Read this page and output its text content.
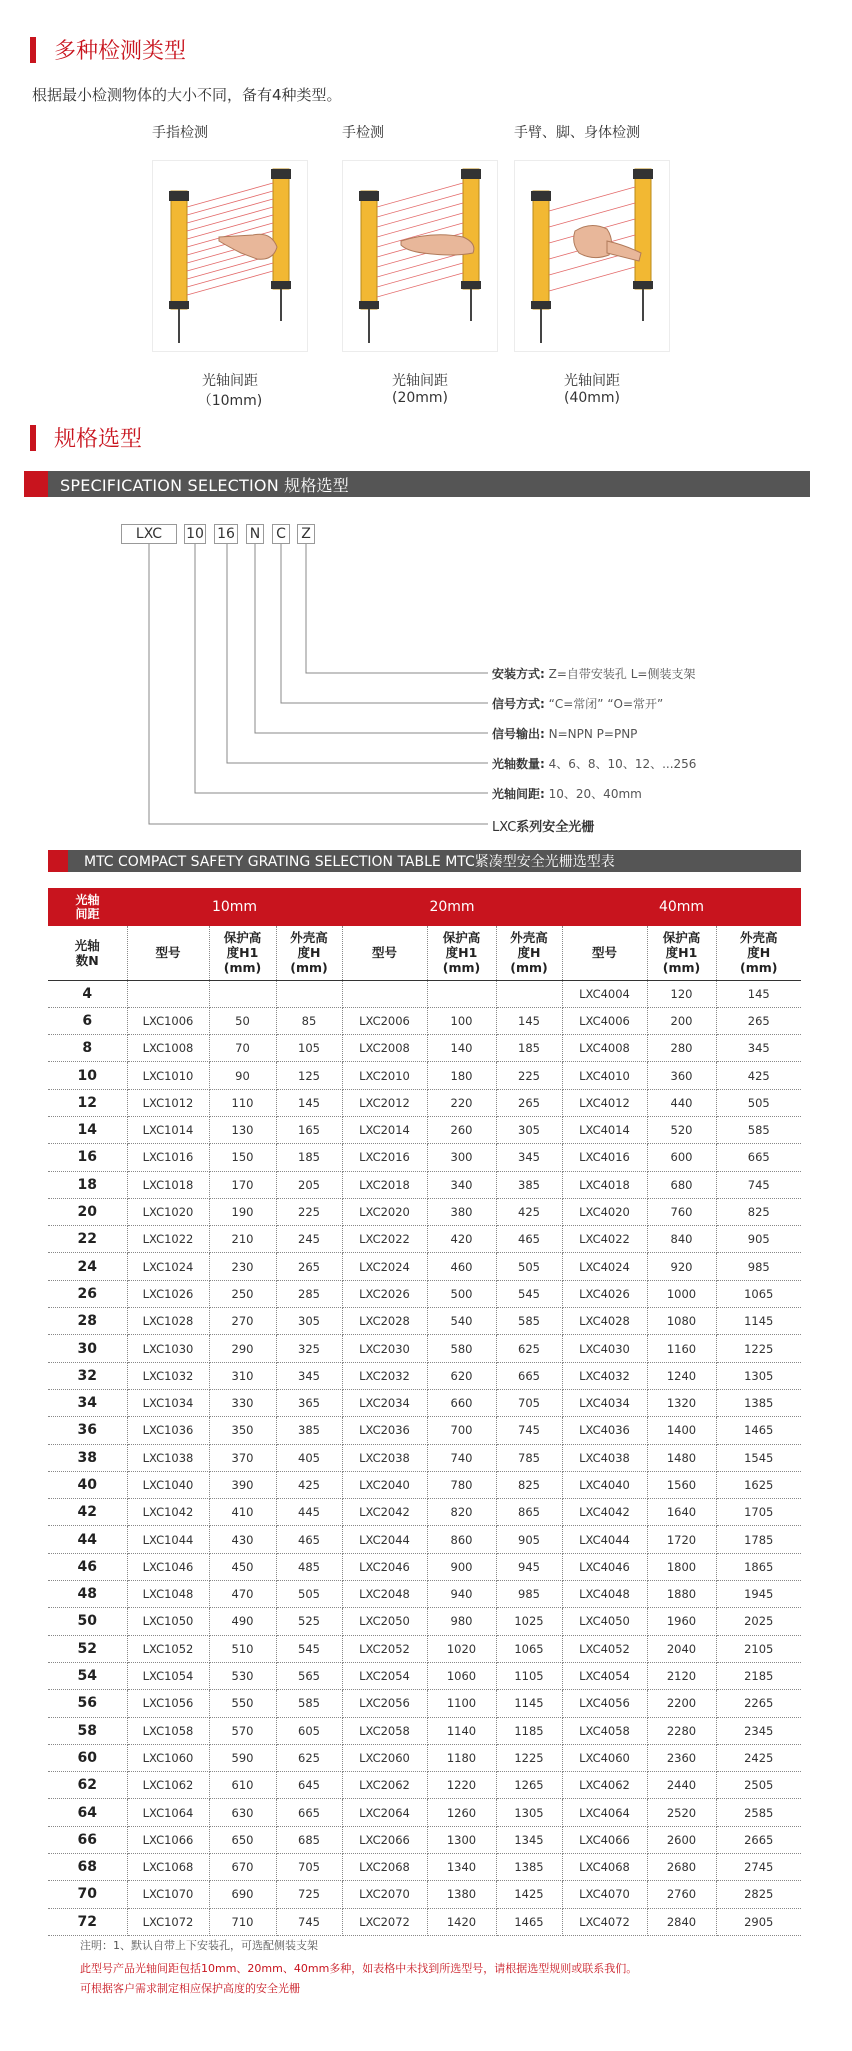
多种检测类型
根据最小检测物体的大小不同，备有4种类型。
手指检测
光轴间距
（10mm)
手检测
光轴间距
(20mm)
手臂、脚、身体检测
光轴间距
(40mm)
规格选型
SPECIFICATION SELECTION 规格选型
LXC	10 16 N C	Z
安装方式: Z=自带安装孔 L=侧装支架
信号方式: “C=常闭” “O=常开”
信号输出: N=NPN P=PNP
光轴数量: 4、6、8、10、12、...256
光轴间距: 10、20、40mm
LXC系列安全光栅
MTC COMPACT SAFETY GRATING SELECTION TABLE MTC紧凑型安全光栅选型表
光轴
间距	10mm			20mm			40mm		
光轴
数N	型号	保护高
度H1
(mm)	外壳高
度H
(mm)	型号	保护高
度H1
(mm)	外壳高
度H
(mm)	型号	保护高
度H1
(mm)	外壳高
度H
(mm)
4							LXC4004	120	145
6	LXC1006	50	85	LXC2006	100	145	LXC4006	200	265
8	LXC1008	70	105	LXC2008	140	185	LXC4008	280	345
10	LXC1010	90	125	LXC2010	180	225	LXC4010	360	425
12	LXC1012	110	145	LXC2012	220	265	LXC4012	440	505
14	LXC1014	130	165	LXC2014	260	305	LXC4014	520	585
16	LXC1016	150	185	LXC2016	300	345	LXC4016	600	665
18	LXC1018	170	205	LXC2018	340	385	LXC4018	680	745
20	LXC1020	190	225	LXC2020	380	425	LXC4020	760	825
22	LXC1022	210	245	LXC2022	420	465	LXC4022	840	905
24	LXC1024	230	265	LXC2024	460	505	LXC4024	920	985
26	LXC1026	250	285	LXC2026	500	545	LXC4026	1000	1065
28	LXC1028	270	305	LXC2028	540	585	LXC4028	1080	1145
30	LXC1030	290	325	LXC2030	580	625	LXC4030	1160	1225
32	LXC1032	310	345	LXC2032	620	665	LXC4032	1240	1305
34	LXC1034	330	365	LXC2034	660	705	LXC4034	1320	1385
36	LXC1036	350	385	LXC2036	700	745	LXC4036	1400	1465
38	LXC1038	370	405	LXC2038	740	785	LXC4038	1480	1545
40	LXC1040	390	425	LXC2040	780	825	LXC4040	1560	1625
42	LXC1042	410	445	LXC2042	820	865	LXC4042	1640	1705
44	LXC1044	430	465	LXC2044	860	905	LXC4044	1720	1785
46	LXC1046	450	485	LXC2046	900	945	LXC4046	1800	1865
48	LXC1048	470	505	LXC2048	940	985	LXC4048	1880	1945
50	LXC1050	490	525	LXC2050	980	1025	LXC4050	1960	2025
52	LXC1052	510	545	LXC2052	1020	1065	LXC4052	2040	2105
54	LXC1054	530	565	LXC2054	1060	1105	LXC4054	2120	2185
56	LXC1056	550	585	LXC2056	1100	1145	LXC4056	2200	2265
58	LXC1058	570	605	LXC2058	1140	1185	LXC4058	2280	2345
60	LXC1060	590	625	LXC2060	1180	1225	LXC4060	2360	2425
62	LXC1062	610	645	LXC2062	1220	1265	LXC4062	2440	2505
64	LXC1064	630	665	LXC2064	1260	1305	LXC4064	2520	2585
66	LXC1066	650	685	LXC2066	1300	1345	LXC4066	2600	2665
68	LXC1068	670	705	LXC2068	1340	1385	LXC4068	2680	2745
70	LXC1070	690	725	LXC2070	1380	1425	LXC4070	2760	2825
72	LXC1072	710	745	LXC2072	1420	1465	LXC4072	2840	2905
注明：1、默认自带上下安装孔，可选配侧装支架
此型号产品光轴间距包括10mm、20mm、40mm多种，如表格中未找到所选型号，请根据选型规则或联系我们。
可根据客户需求制定相应保护高度的安全光栅
